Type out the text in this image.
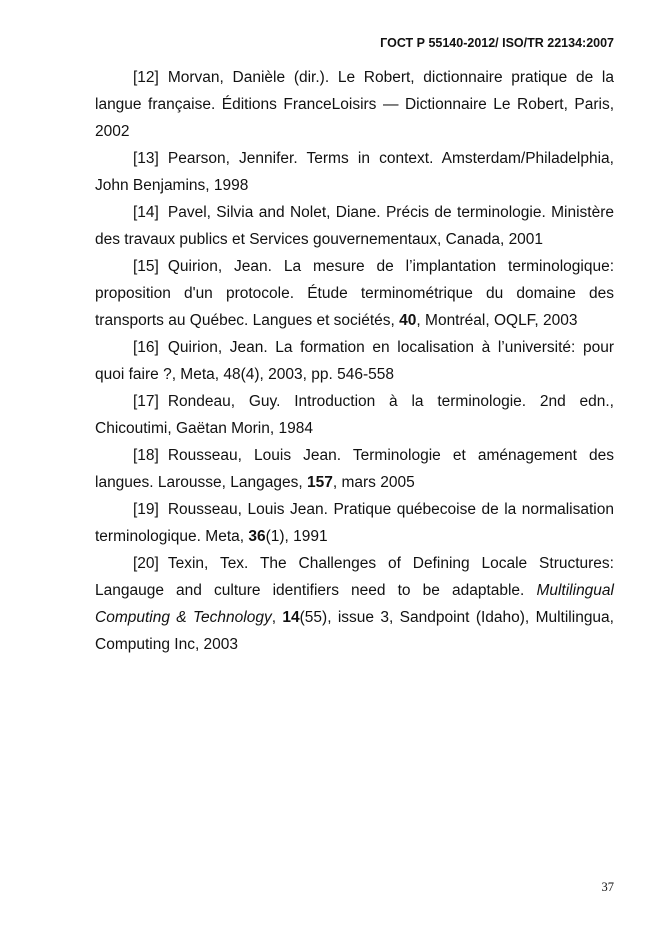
ГОСТ Р 55140-2012/ ISO/TR 22134:2007

[12] Morvan, Danièle (dir.). Le Robert, dictionnaire pratique de la langue française. Éditions FranceLoisirs — Dictionnaire Le Robert, Paris, 2002

[13] Pearson, Jennifer. Terms in context. Amsterdam/Philadelphia, John Benjamins, 1998

[14] Pavel, Silvia and Nolet, Diane. Précis de terminologie. Ministère des travaux publics et Services gouvernementaux, Canada, 2001

[15] Quirion, Jean. La mesure de l’implantation terminologique: proposition d'un protocole. Étude terminométrique du domaine des transports au Québec. Langues et sociétés, 40, Montréal, OQLF, 2003

[16] Quirion, Jean. La formation en localisation à l’université: pour quoi faire ?, Meta, 48(4), 2003, pp. 546-558

[17] Rondeau, Guy. Introduction à la terminologie. 2nd edn., Chicoutimi, Gaëtan Morin, 1984

[18] Rousseau, Louis Jean. Terminologie et aménagement des langues. Larousse, Langages, 157, mars 2005

[19] Rousseau, Louis Jean. Pratique québecoise de la normalisation terminologique. Meta, 36(1), 1991

[20] Texin, Tex. The Challenges of Defining Locale Structures: Langauge and culture identifiers need to be adaptable. Multilingual Computing & Technology, 14(55), issue 3, Sandpoint (Idaho), Multilingua, Computing Inc, 2003

37
